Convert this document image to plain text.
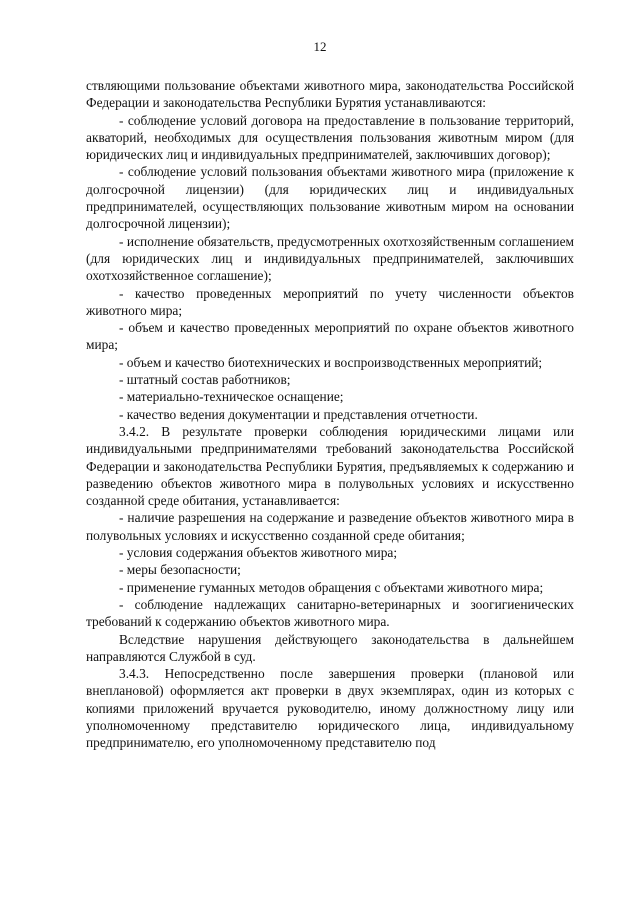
12

ствляющими пользование объектами животного мира, законодательства Российской Федерации и законодательства Республики Бурятия устанавливаются:

- соблюдение условий договора на предоставление в пользование территорий, акваторий, необходимых для осуществления пользования животным миром (для юридических лиц и индивидуальных предпринимателей, заключивших договор);

- соблюдение условий пользования объектами животного мира (приложение к долгосрочной лицензии) (для юридических лиц и индивидуальных предпринимателей, осуществляющих пользование животным миром на основании долгосрочной лицензии);

- исполнение обязательств, предусмотренных охотхозяйственным соглашением (для юридических лиц и индивидуальных предпринимателей, заключивших охотхозяйственное соглашение);

- качество проведенных мероприятий по учету численности объектов животного мира;

- объем и качество проведенных мероприятий по охране объектов животного мира;

- объем и качество биотехнических и воспроизводственных мероприятий;

- штатный состав работников;

- материально-техническое оснащение;

- качество ведения документации и представления отчетности.

3.4.2. В результате проверки соблюдения юридическими лицами или индивидуальными предпринимателями требований законодательства Российской Федерации и законодательства Республики Бурятия, предъявляемых к содержанию и разведению объектов животного мира в полувольных условиях и искусственно созданной среде обитания, устанавливается:

- наличие разрешения на содержание и разведение объектов животного мира в полувольных условиях и искусственно созданной среде обитания;

- условия содержания объектов животного мира;

- меры безопасности;

- применение гуманных методов обращения с объектами животного мира;

- соблюдение надлежащих санитарно-ветеринарных и зоогигиенических требований к содержанию объектов животного мира.

Вследствие нарушения действующего законодательства в дальнейшем направляются Службой в суд.

3.4.3. Непосредственно после завершения проверки (плановой или внеплановой) оформляется акт проверки в двух экземплярах, один из которых с копиями приложений вручается руководителю, иному должностному лицу или уполномоченному представителю юридического лица, индивидуальному предпринимателю, его уполномоченному представителю под
